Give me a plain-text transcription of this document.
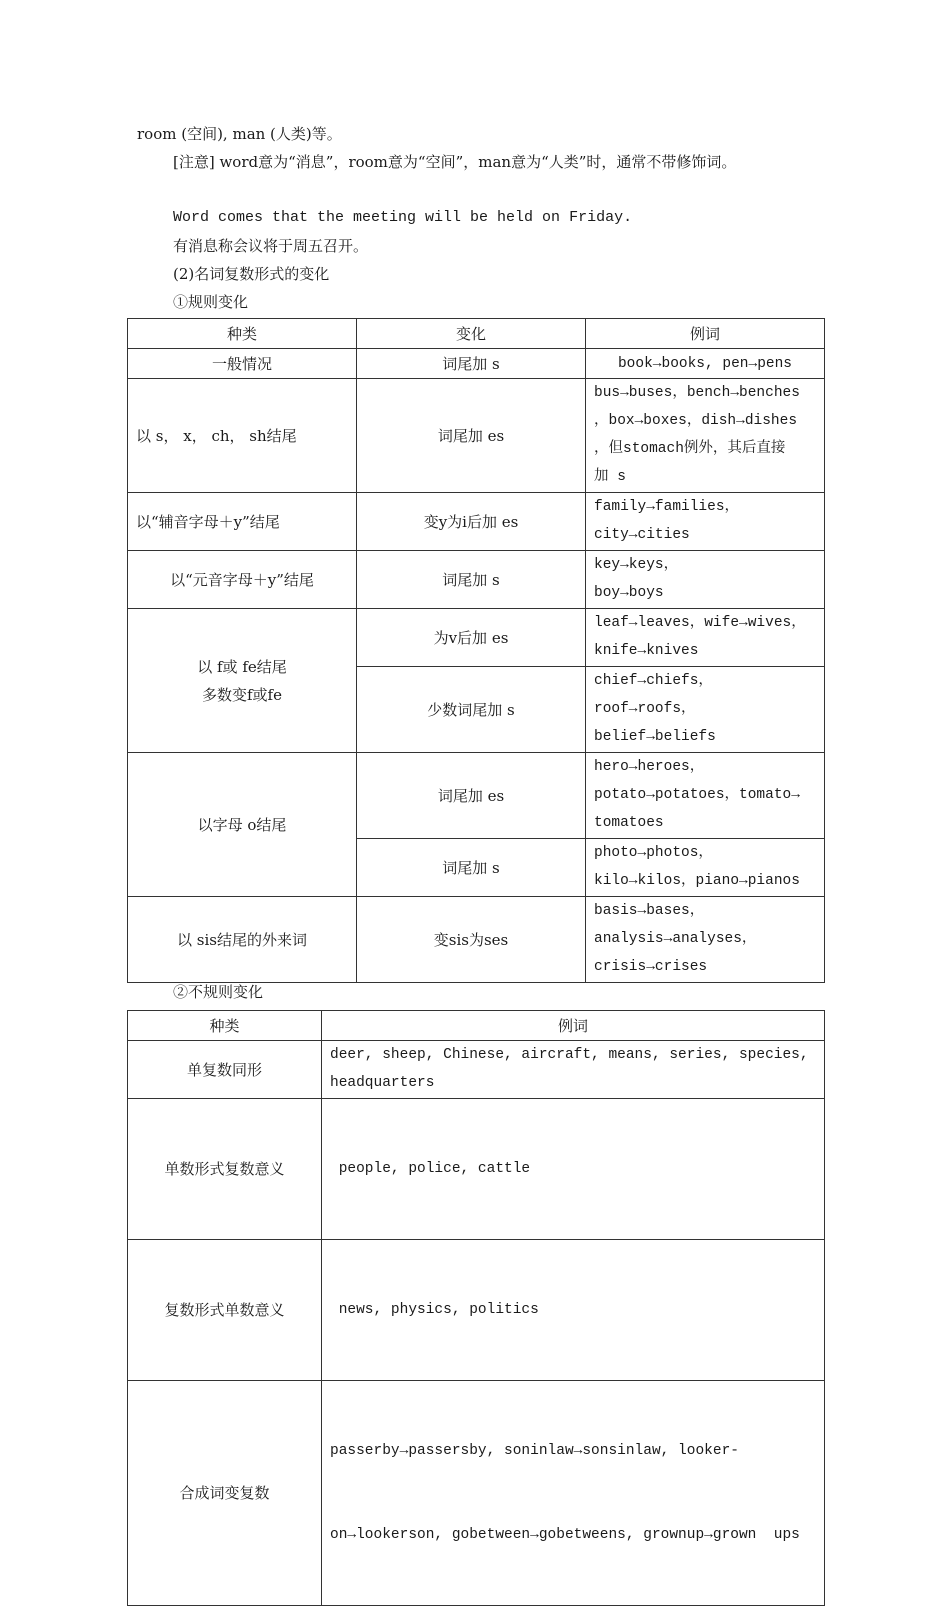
room (空间), man (人类)等。

[注意] word意为“消息”，room意为“空间”，man意为“人类”时，通常不带修饰词。

Word comes that the meeting will be held on Friday.

有消息称会议将于周五召开。

(2)名词复数形式的变化

①规则变化

种类	变化	例词
一般情况	词尾加 s	book→books, pen→pens

以 s， x， ch， sh结尾	词尾加 es	bus→buses，bench→benches
，box→boxes，dish→dishes
，但stomach例外，其后直接
加 s

以“辅音字母＋y”结尾	变y为i后加 es	family→families，
city→cities

以“元音字母＋y”结尾	词尾加 s	key→keys，
boy→boys

以 f或 fe结尾
多数变f或fe	为v后加 es	leaf→leaves，wife→wives，
knife→knives

	少数词尾加 s	chief→chiefs，
roof→roofs，
belief→beliefs

以字母 o结尾	词尾加 es	hero→heroes，
potato→potatoes，tomato→
tomatoes

	词尾加 s	photo→photos，
kilo→kilos，piano→pianos

以 sis结尾的外来词	变sis为ses	basis→bases，
analysis→analyses，
crisis→crises

②不规则变化

种类	例词
单复数同形	deer, sheep, Chinese, aircraft, means, series, species,
headquarters

单数形式复数意义	people, police, cattle

复数形式单数意义	news, physics, politics

合成词变复数	passerby→passersby, soninlaw→sonsinlaw, looker-

on→lookerson, gobetween→gobetweens, grownup→grown  ups
